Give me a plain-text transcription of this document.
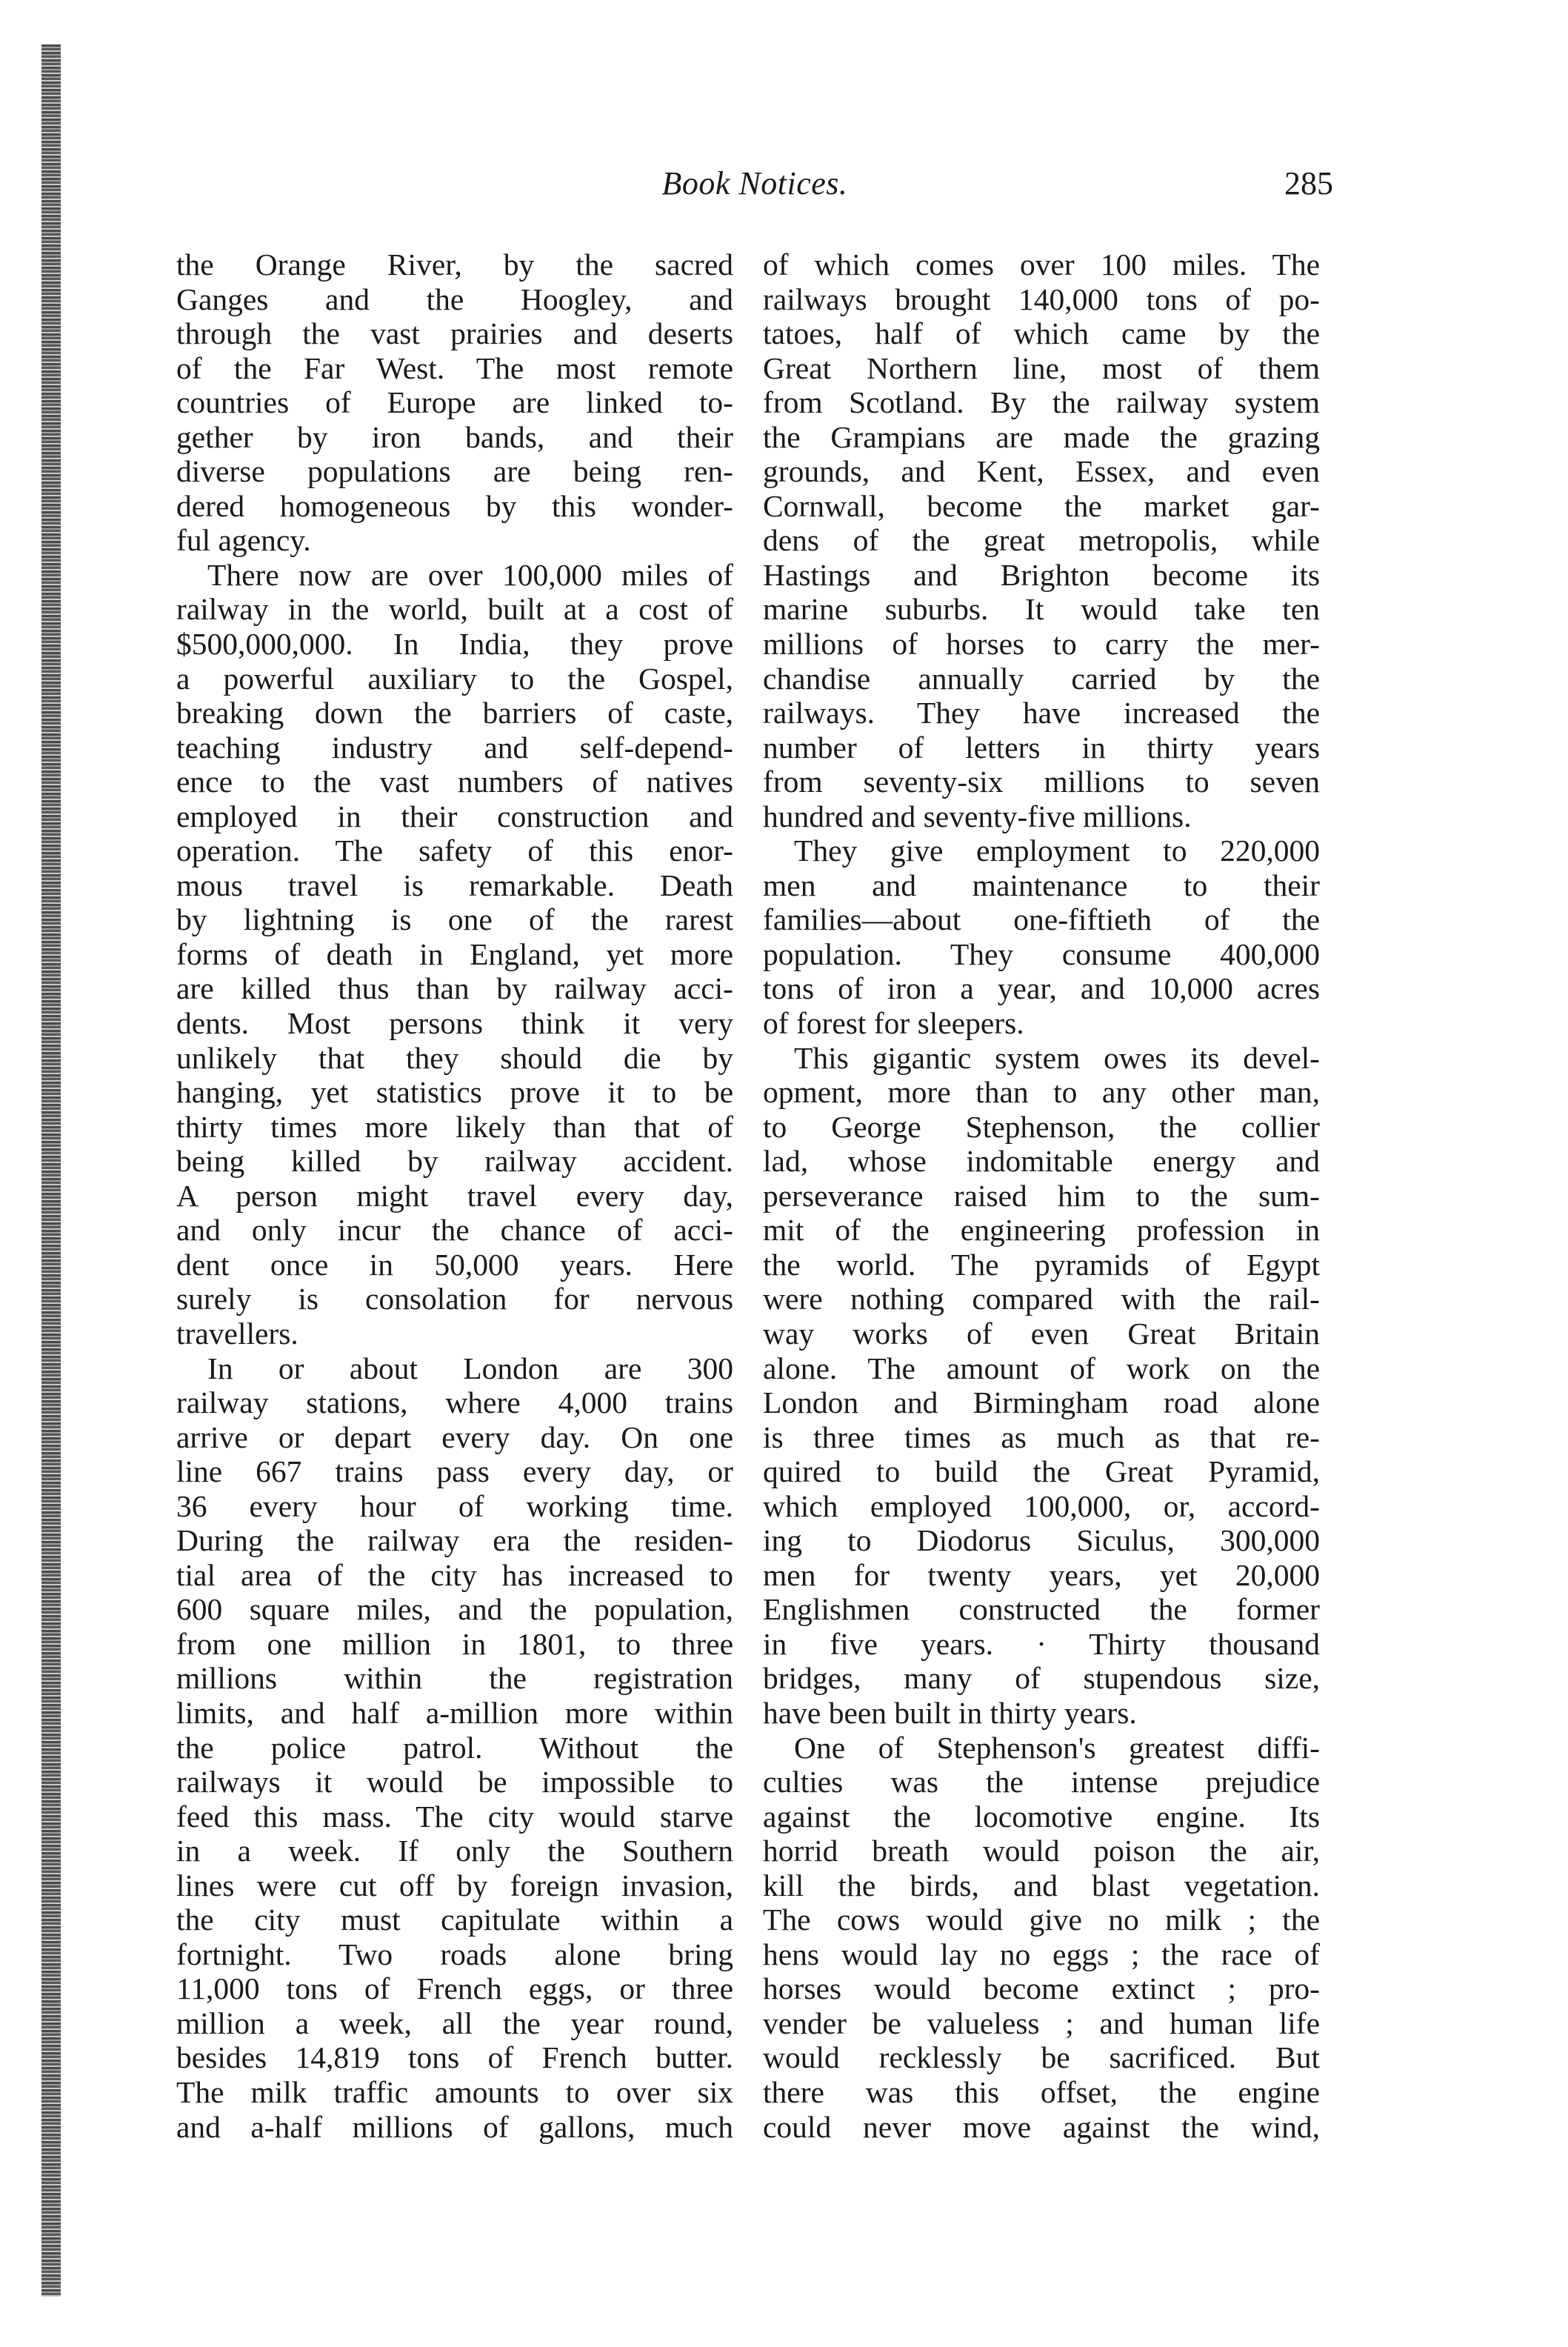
Book Notices.	285
the Orange River, by the sacred
Ganges and the Hoogley, and
through the vast prairies and deserts
of the Far West. The most remote
countries of Europe are linked to-
gether by iron bands, and their
diverse populations are being ren-
dered homogeneous by this wonder-
ful agency.
There now are over 100,000 miles of
railway in the world, built at a cost of
$500,000,000. In India, they prove
a powerful auxiliary to the Gospel,
breaking down the barriers of caste,
teaching industry and self-depend-
ence to the vast numbers of natives
employed in their construction and
operation. The safety of this enor-
mous travel is remarkable. Death
by lightning is one of the rarest
forms of death in England, yet more
are killed thus than by railway acci-
dents. Most persons think it very
unlikely that they should die by
hanging, yet statistics prove it to be
thirty times more likely than that of
being killed by railway accident.
A person might travel every day,
and only incur the chance of acci-
dent once in 50,000 years. Here
surely is consolation for nervous
travellers.
In or about London are 300
railway stations, where 4,000 trains
arrive or depart every day. On one
line 667 trains pass every day, or
36 every hour of working time.
During the railway era the residen-
tial area of the city has increased to
600 square miles, and the population,
from one million in 1801, to three
millions within the registration
limits, and half a-million more within
the police patrol. Without the
railways it would be impossible to
feed this mass. The city would starve
in a week. If only the Southern
lines were cut off by foreign invasion,
the city must capitulate within a
fortnight. Two roads alone bring
11,000 tons of French eggs, or three
million a week, all the year round,
besides 14,819 tons of French butter.
The milk traffic amounts to over six
and a-half millions of gallons, much
of which comes over 100 miles. The
railways brought 140,000 tons of po-
tatoes, half of which came by the
Great Northern line, most of them
from Scotland. By the railway system
the Grampians are made the grazing
grounds, and Kent, Essex, and even
Cornwall, become the market gar-
dens of the great metropolis, while
Hastings and Brighton become its
marine suburbs. It would take ten
millions of horses to carry the mer-
chandise annually carried by the
railways. They have increased the
number of letters in thirty years
from seventy-six millions to seven
hundred and seventy-five millions.
They give employment to 220,000
men and maintenance to their
families—about one-fiftieth of the
population. They consume 400,000
tons of iron a year, and 10,000 acres
of forest for sleepers.
This gigantic system owes its devel-
opment, more than to any other man,
to George Stephenson, the collier
lad, whose indomitable energy and
perseverance raised him to the sum-
mit of the engineering profession in
the world. The pyramids of Egypt
were nothing compared with the rail-
way works of even Great Britain
alone. The amount of work on the
London and Birmingham road alone
is three times as much as that re-
quired to build the Great Pyramid,
which employed 100,000, or, accord-
ing to Diodorus Siculus, 300,000
men for twenty years, yet 20,000
Englishmen constructed the former
in five years. · Thirty thousand
bridges, many of stupendous size,
have been built in thirty years.
One of Stephenson's greatest diffi-
culties was the intense prejudice
against the locomotive engine. Its
horrid breath would poison the air,
kill the birds, and blast vegetation.
The cows would give no milk ; the
hens would lay no eggs ; the race of
horses would become extinct ; pro-
vender be valueless ; and human life
would recklessly be sacrificed. But
there was this offset, the engine
could never move against the wind,
